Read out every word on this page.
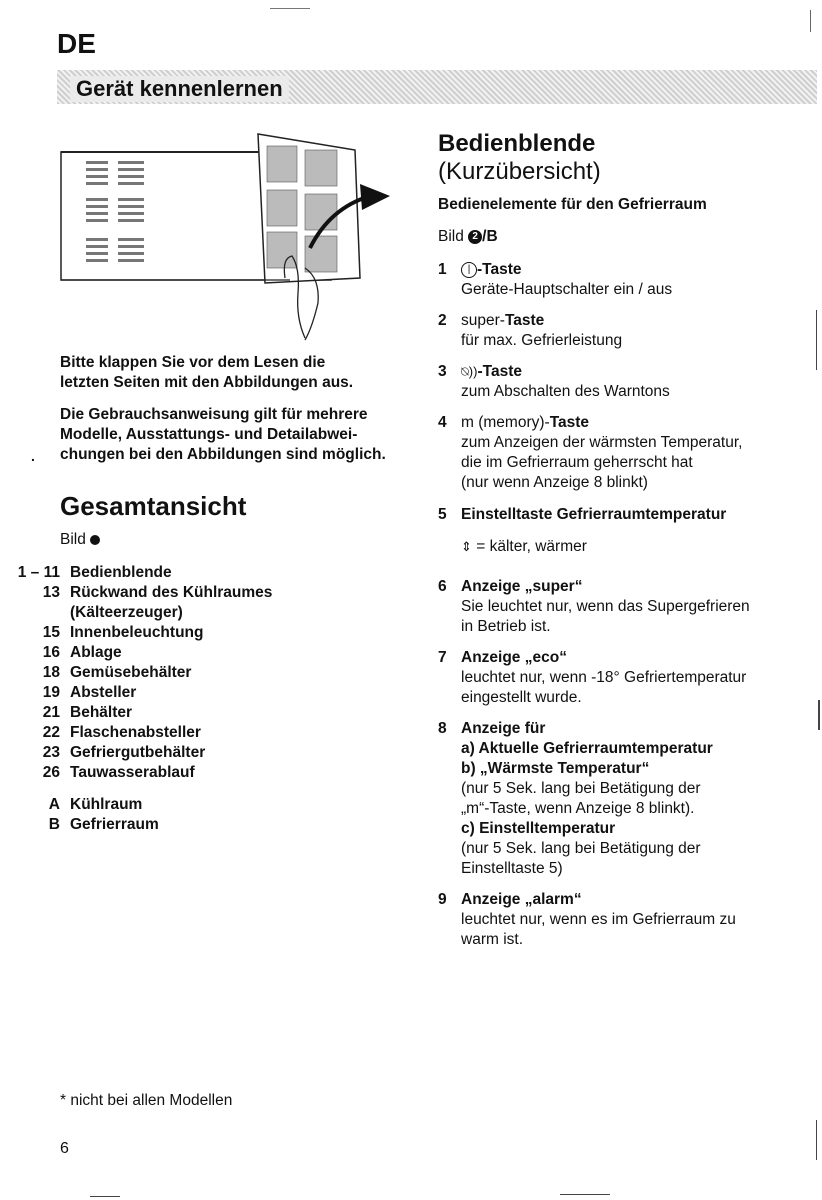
DE
Gerät kennenlernen
Bitte klappen Sie vor dem Lesen die
letzten Seiten mit den Abbildungen aus.
Die Gebrauchsanweisung gilt für mehrere
Modelle, Ausstattungs- und Detailabwei-
chungen bei den Abbildungen sind möglich.
.
Gesamtansicht
Bild
1 – 11 Bedienblende
13 Rückwand des Kühlraumes
(Kälteerzeuger)
15 Innenbeleuchtung
16 Ablage
18 Gemüsebehälter
19 Absteller
21 Behälter
22 Flaschenabsteller
23 Gefriergutbehälter
26 Tauwasserablauf
A Kühlraum
B Gefrierraum
* nicht bei allen Modellen
6
Bedienblende
(Kurzübersicht)
Bedienelemente für den Gefrierraum
Bild 2 /B
1	| -Taste
Geräte-Hauptschalter ein / aus
2 super-Taste
für max. Gefrierleistung
3 ⍉))-Taste
zum Abschalten des Warntons
4 m (memory)-Taste
zum Anzeigen der wärmsten Temperatur,
die im Gefrierraum geherrscht hat
(nur wenn Anzeige 8 blinkt)
5 Einstelltaste Gefrierraumtemperatur
⇕ = kälter, wärmer
6 Anzeige „super“
Sie leuchtet nur, wenn das Supergefrieren
in Betrieb ist.
7 Anzeige „eco“
leuchtet nur, wenn -18° Gefriertemperatur
eingestellt wurde.
8 Anzeige für
a) Aktuelle Gefrierraumtemperatur
b) „Wärmste Temperatur“
(nur 5 Sek. lang bei Betätigung der
„m“-Taste, wenn Anzeige 8 blinkt).
c) Einstelltemperatur
(nur 5 Sek. lang bei Betätigung der
Einstelltaste 5)
9 Anzeige „alarm“
leuchtet nur, wenn es im Gefrierraum zu
warm ist.
